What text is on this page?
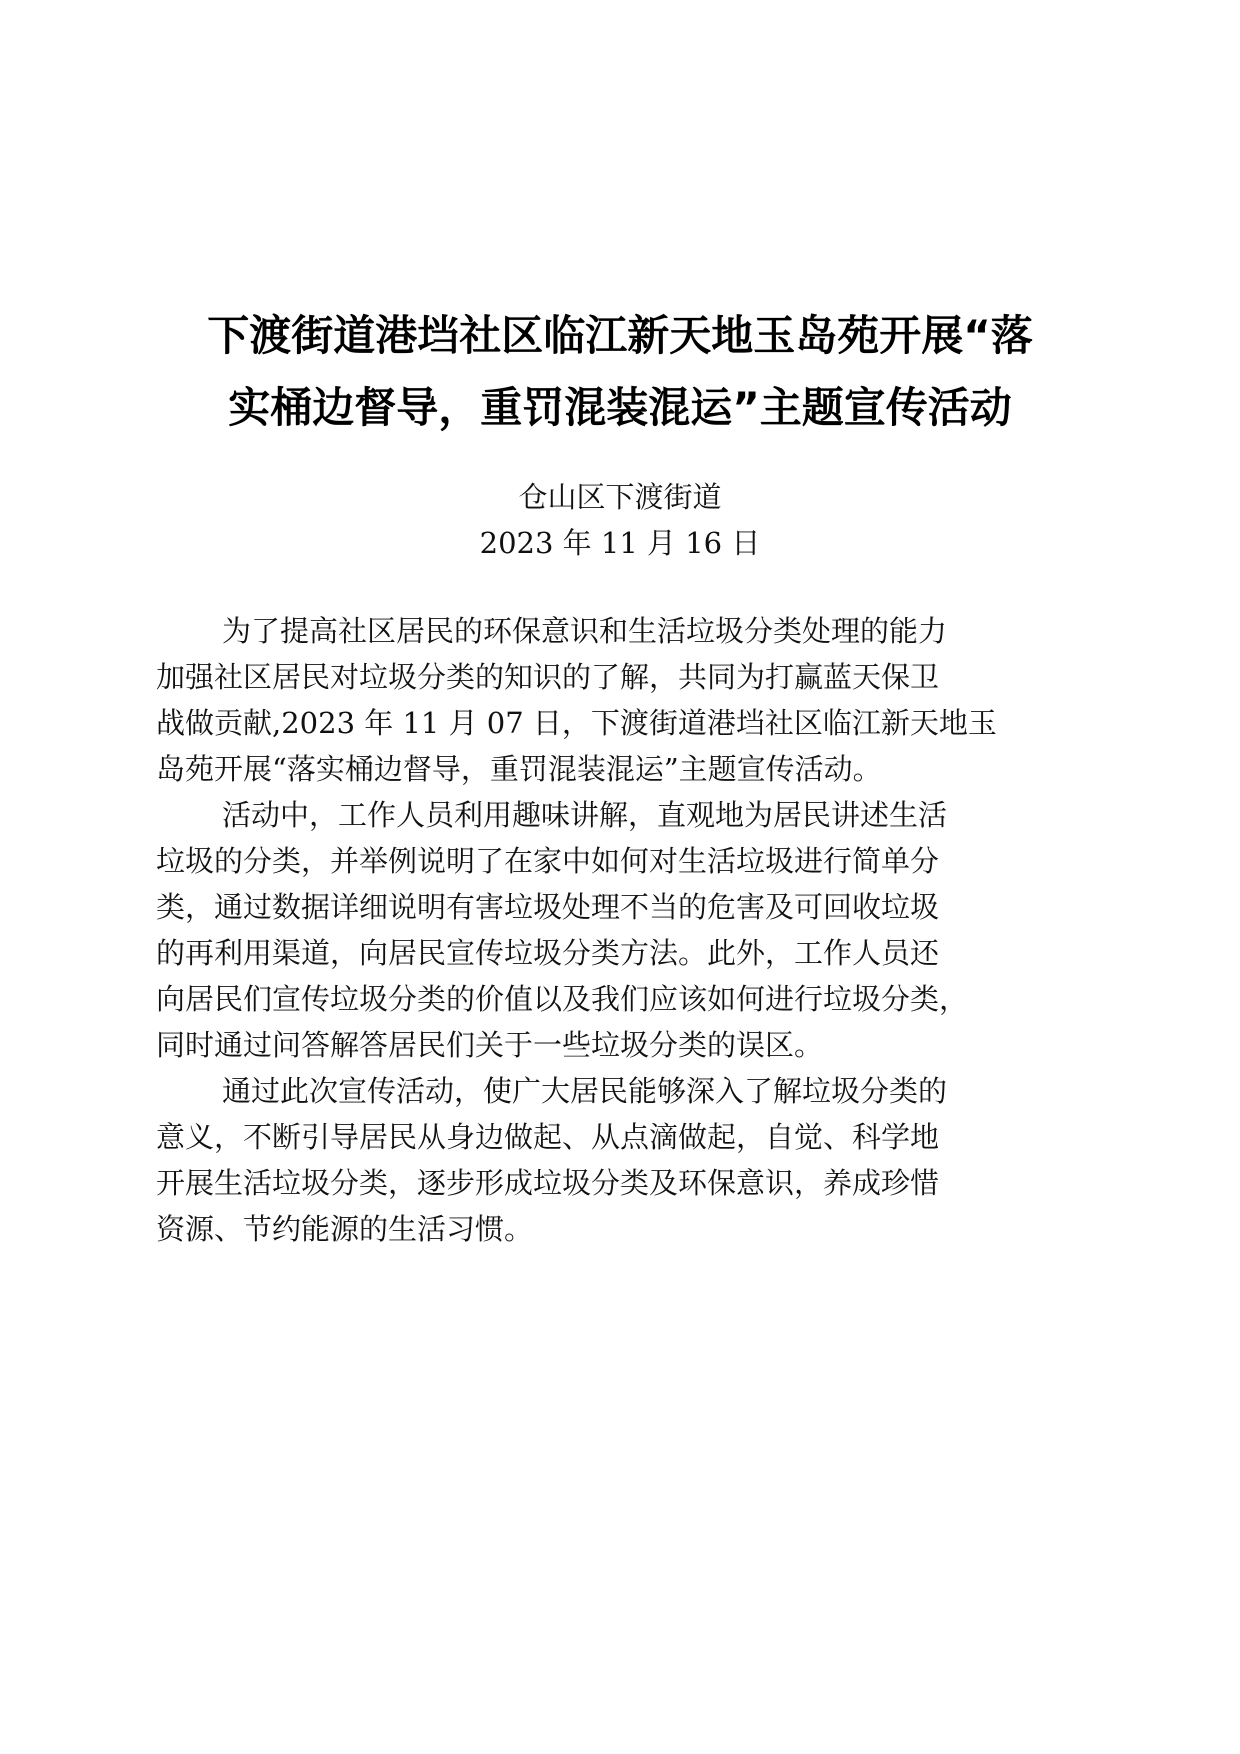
下渡街道港垱社区临江新天地玉岛苑开展“落
实桶边督导，重罚混装混运”主题宣传活动
仓山区下渡街道
2023 年 11 月 16 日

为了提高社区居民的环保意识和生活垃圾分类处理的能力
加强社区居民对垃圾分类的知识的了解，共同为打赢蓝天保卫
战做贡献,2023 年 11 月 07 日，下渡街道港垱社区临江新天地玉
岛苑开展“落实桶边督导，重罚混装混运”主题宣传活动。

活动中，工作人员利用趣味讲解，直观地为居民讲述生活
垃圾的分类，并举例说明了在家中如何对生活垃圾进行简单分
类，通过数据详细说明有害垃圾处理不当的危害及可回收垃圾
的再利用渠道，向居民宣传垃圾分类方法。此外，工作人员还
向居民们宣传垃圾分类的价值以及我们应该如何进行垃圾分类，
同时通过问答解答居民们关于一些垃圾分类的误区。

通过此次宣传活动，使广大居民能够深入了解垃圾分类的
意义，不断引导居民从身边做起、从点滴做起，自觉、科学地
开展生活垃圾分类，逐步形成垃圾分类及环保意识，养成珍惜
资源、节约能源的生活习惯。
